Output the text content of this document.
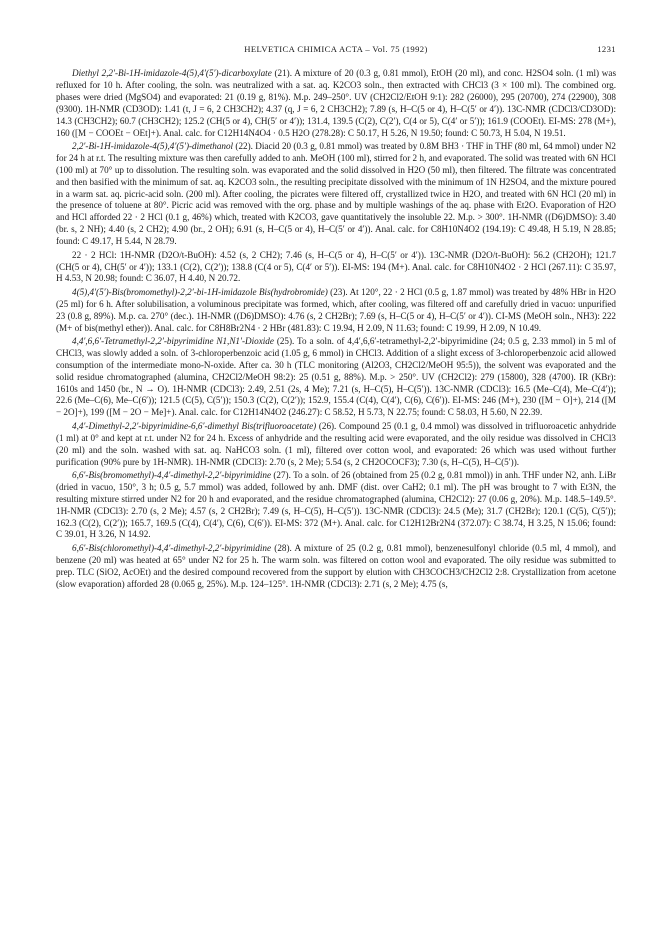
HELVETICA CHIMICA ACTA – Vol. 75 (1992)	1231

Diethyl 2,2′-Bi-1H-imidazole-4(5),4′(5′)-dicarboxylate (21). A mixture of 20 (0.3 g, 0.81 mmol), EtOH (20 ml), and conc. H2SO4 soln. (1 ml) was refluxed for 10 h. After cooling, the soln. was neutralized with a sat. aq. K2CO3 soln., then extracted with CHCl3 (3 × 100 ml). The combined org. phases were dried (MgSO4) and evaporated: 21 (0.19 g, 81%). M.p. 249–250°. UV (CH2Cl2/EtOH 9:1): 282 (26000), 295 (20700), 274 (22900), 308 (9300). 1H-NMR (CD3OD): 1.41 (t, J = 6, 2 CH3CH2); 4.37 (q, J = 6, 2 CH3CH2); 7.89 (s, H–C(5 or 4), H–C(5′ or 4′)). 13C-NMR (CDCl3/CD3OD): 14.3 (CH3CH2); 60.7 (CH3CH2); 125.2 (CH(5 or 4), CH(5′ or 4′)); 131.4, 139.5 (C(2), C(2′), C(4 or 5), C(4′ or 5′)); 161.9 (COOEt). EI-MS: 278 (M+), 160 ([M − COOEt − OEt]+). Anal. calc. for C12H14N4O4 · 0.5 H2O (278.28): C 50.17, H 5.26, N 19.50; found: C 50.73, H 5.04, N 19.51.

2,2′-Bi-1H-imidazole-4(5),4′(5′)-dimethanol (22). Diacid 20 (0.3 g, 0.81 mmol) was treated by 0.8M BH3 · THF in THF (80 ml, 64 mmol) under N2 for 24 h at r.t. The resulting mixture was then carefully added to anh. MeOH (100 ml), stirred for 2 h, and evaporated. The solid was treated with 6N HCl (100 ml) at 70° up to dissolution. The resulting soln. was evaporated and the solid dissolved in H2O (50 ml), then filtered. The filtrate was concentrated and then basified with the minimum of sat. aq. K2CO3 soln., the resulting precipitate dissolved with the minimum of 1N H2SO4, and the mixture poured in a warm sat. aq. picric-acid soln. (200 ml). After cooling, the picrates were filtered off, crystallized twice in H2O, and treated with 6N HCl (20 ml) in the presence of toluene at 80°. Picric acid was removed with the org. phase and by multiple washings of the aq. phase with Et2O. Evaporation of H2O and HCl afforded 22 · 2 HCl (0.1 g, 46%) which, treated with K2CO3, gave quantitatively the insoluble 22. M.p. > 300°. 1H-NMR ((D6)DMSO): 3.40 (br. s, 2 NH); 4.40 (s, 2 CH2); 4.90 (br., 2 OH); 6.91 (s, H–C(5 or 4), H–C(5′ or 4′)). Anal. calc. for C8H10N4O2 (194.19): C 49.48, H 5.19, N 28.85; found: C 49.17, H 5.44, N 28.79.

22 · 2 HCl: 1H-NMR (D2O/t-BuOH): 4.52 (s, 2 CH2); 7.46 (s, H–C(5 or 4), H–C(5′ or 4′)). 13C-NMR (D2O/t-BuOH): 56.2 (CH2OH); 121.7 (CH(5 or 4), CH(5′ or 4′)); 133.1 (C(2), C(2′)); 138.8 (C(4 or 5), C(4′ or 5′)). EI-MS: 194 (M+). Anal. calc. for C8H10N4O2 · 2 HCl (267.11): C 35.97, H 4.53, N 20.98; found: C 36.07, H 4.40, N 20.72.

4(5),4′(5′)-Bis(bromomethyl)-2,2′-bi-1H-imidazole Bis(hydrobromide) (23). At 120°, 22 · 2 HCl (0.5 g, 1.87 mmol) was treated by 48% HBr in H2O (25 ml) for 6 h. After solubilisation, a voluminous precipitate was formed, which, after cooling, was filtered off and carefully dried in vacuo: unpurified 23 (0.8 g, 89%). M.p. ca. 270° (dec.). 1H-NMR ((D6)DMSO): 4.76 (s, 2 CH2Br); 7.69 (s, H–C(5 or 4), H–C(5′ or 4′)). CI-MS (MeOH soln., NH3): 222 (M+ of bis(methyl ether)). Anal. calc. for C8H8Br2N4 · 2 HBr (481.83): C 19.94, H 2.09, N 11.63; found: C 19.99, H 2.09, N 10.49.

4,4′,6,6′-Tetramethyl-2,2′-bipyrimidine N1,N1′-Dioxide (25). To a soln. of 4,4′,6,6′-tetramethyl-2,2′-bipyrimidine (24; 0.5 g, 2.33 mmol) in 5 ml of CHCl3, was slowly added a soln. of 3-chloroperbenzoic acid (1.05 g, 6 mmol) in CHCl3. Addition of a slight excess of 3-chloroperbenzoic acid allowed consumption of the intermediate mono-N-oxide. After ca. 30 h (TLC monitoring (Al2O3, CH2Cl2/MeOH 95:5)), the solvent was evaporated and the solid residue chromatographed (alumina, CH2Cl2/MeOH 98:2): 25 (0.51 g, 88%). M.p. > 250°. UV (CH2Cl2): 279 (15800), 328 (4700). IR (KBr): 1610s and 1450 (br., N → O). 1H-NMR (CDCl3): 2.49, 2.51 (2s, 4 Me); 7.21 (s, H–C(5), H–C(5′)). 13C-NMR (CDCl3): 16.5 (Me–C(4), Me–C(4′)); 22.6 (Me–C(6), Me–C(6′)); 121.5 (C(5), C(5′)); 150.3 (C(2), C(2′)); 152.9, 155.4 (C(4), C(4′), C(6), C(6′)). EI-MS: 246 (M+), 230 ([M − O]+), 214 ([M − 2O]+), 199 ([M − 2O − Me]+). Anal. calc. for C12H14N4O2 (246.27): C 58.52, H 5.73, N 22.75; found: C 58.03, H 5.60, N 22.39.

4,4′-Dimethyl-2,2′-bipyrimidine-6,6′-dimethyl Bis(trifluoroacetate) (26). Compound 25 (0.1 g, 0.4 mmol) was dissolved in trifluoroacetic anhydride (1 ml) at 0° and kept at r.t. under N2 for 24 h. Excess of anhydride and the resulting acid were evaporated, and the oily residue was dissolved in CHCl3 (20 ml) and the soln. washed with sat. aq. NaHCO3 soln. (1 ml), filtered over cotton wool, and evaporated: 26 which was used without further purification (90% pure by 1H-NMR). 1H-NMR (CDCl3): 2.70 (s, 2 Me); 5.54 (s, 2 CH2OCOCF3); 7.30 (s, H–C(5), H–C(5′)).

6,6′-Bis(bromomethyl)-4,4′-dimethyl-2,2′-bipyrimidine (27). To a soln. of 26 (obtained from 25 (0.2 g, 0.81 mmol)) in anh. THF under N2, anh. LiBr (dried in vacuo, 150°, 3 h; 0.5 g, 5.7 mmol) was added, followed by anh. DMF (dist. over CaH2; 0.1 ml). The pH was brought to 7 with Et3N, the resulting mixture stirred under N2 for 20 h and evaporated, and the residue chromatographed (alumina, CH2Cl2): 27 (0.06 g, 20%). M.p. 148.5–149.5°. 1H-NMR (CDCl3): 2.70 (s, 2 Me); 4.57 (s, 2 CH2Br); 7.49 (s, H–C(5), H–C(5′)). 13C-NMR (CDCl3): 24.5 (Me); 31.7 (CH2Br); 120.1 (C(5), C(5′)); 162.3 (C(2), C(2′)); 165.7, 169.5 (C(4), C(4′), C(6), C(6′)). EI-MS: 372 (M+). Anal. calc. for C12H12Br2N4 (372.07): C 38.74, H 3.25, N 15.06; found: C 39.01, H 3.26, N 14.92.

6,6′-Bis(chloromethyl)-4,4′-dimethyl-2,2′-bipyrimidine (28). A mixture of 25 (0.2 g, 0.81 mmol), benzenesulfonyl chloride (0.5 ml, 4 mmol), and benzene (20 ml) was heated at 65° under N2 for 25 h. The warm soln. was filtered on cotton wool and evaporated. The oily residue was submitted to prep. TLC (SiO2, AcOEt) and the desired compound recovered from the support by elution with CH3COCH3/CH2Cl2 2:8. Crystallization from acetone (slow evaporation) afforded 28 (0.065 g, 25%). M.p. 124–125°. 1H-NMR (CDCl3): 2.71 (s, 2 Me); 4.75 (s,
